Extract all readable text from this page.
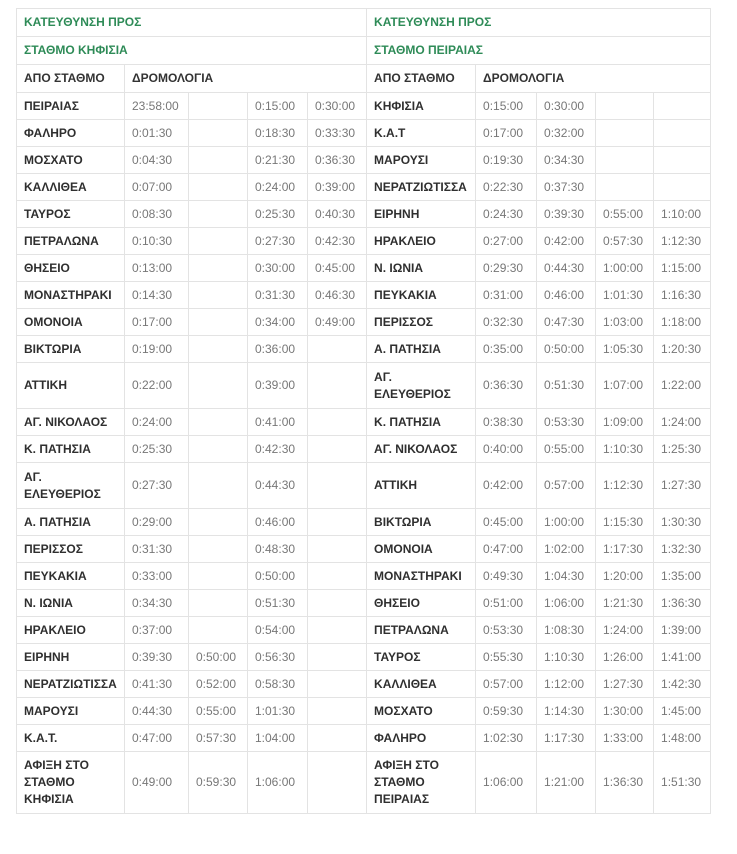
ΚΑΤΕΥΘΥΝΣΗ ΠΡΟΣ					ΚΑΤΕΥΘΥΝΣΗ ΠΡΟΣ				
ΣΤΑΘΜΟ ΚΗΦΙΣΙΑ					ΣΤΑΘΜΟ ΠΕΙΡΑΙΑΣ				
ΑΠΟ ΣΤΑΘΜΟ	ΔΡΟΜΟΛΟΓΙΑ				ΑΠΟ ΣΤΑΘΜΟ	ΔΡΟΜΟΛΟΓΙΑ			
ΠΕΙΡΑΙΑΣ	23:58:00		0:15:00	0:30:00	ΚΗΦΙΣΙΑ	0:15:00	0:30:00		
ΦΑΛΗΡΟ	0:01:30		0:18:30	0:33:30	Κ.Α.Τ	0:17:00	0:32:00		
ΜΟΣΧΑΤΟ	0:04:30		0:21:30	0:36:30	ΜΑΡΟΥΣΙ	0:19:30	0:34:30		
ΚΑΛΛΙΘΕΑ	0:07:00		0:24:00	0:39:00	ΝΕΡΑΤΖΙΩΤΙΣΣΑ	0:22:30	0:37:30		
ΤΑΥΡΟΣ	0:08:30		0:25:30	0:40:30	ΕΙΡΗΝΗ	0:24:30	0:39:30	0:55:00	1:10:00
ΠΕΤΡΑΛΩΝΑ	0:10:30		0:27:30	0:42:30	ΗΡΑΚΛΕΙΟ	0:27:00	0:42:00	0:57:30	1:12:30
ΘΗΣΕΙΟ	0:13:00		0:30:00	0:45:00	Ν. ΙΩΝΙΑ	0:29:30	0:44:30	1:00:00	1:15:00
ΜΟΝΑΣΤΗΡΑΚΙ	0:14:30		0:31:30	0:46:30	ΠΕΥΚΑΚΙΑ	0:31:00	0:46:00	1:01:30	1:16:30
ΟΜΟΝΟΙΑ	0:17:00		0:34:00	0:49:00	ΠΕΡΙΣΣΟΣ	0:32:30	0:47:30	1:03:00	1:18:00
ΒΙΚΤΩΡΙΑ	0:19:00		0:36:00		Α. ΠΑΤΗΣΙΑ	0:35:00	0:50:00	1:05:30	1:20:30
ΑΤΤΙΚΗ	0:22:00		0:39:00		ΑΓ. ΕΛΕΥΘΕΡΙΟΣ	0:36:30	0:51:30	1:07:00	1:22:00
ΑΓ. ΝΙΚΟΛΑΟΣ	0:24:00		0:41:00		Κ. ΠΑΤΗΣΙΑ	0:38:30	0:53:30	1:09:00	1:24:00
Κ. ΠΑΤΗΣΙΑ	0:25:30		0:42:30		ΑΓ. ΝΙΚΟΛΑΟΣ	0:40:00	0:55:00	1:10:30	1:25:30
ΑΓ. ΕΛΕΥΘΕΡΙΟΣ	0:27:30		0:44:30		ΑΤΤΙΚΗ	0:42:00	0:57:00	1:12:30	1:27:30
Α. ΠΑΤΗΣΙΑ	0:29:00		0:46:00		ΒΙΚΤΩΡΙΑ	0:45:00	1:00:00	1:15:30	1:30:30
ΠΕΡΙΣΣΟΣ	0:31:30		0:48:30		ΟΜΟΝΟΙΑ	0:47:00	1:02:00	1:17:30	1:32:30
ΠΕΥΚΑΚΙΑ	0:33:00		0:50:00		ΜΟΝΑΣΤΗΡΑΚΙ	0:49:30	1:04:30	1:20:00	1:35:00
Ν. ΙΩΝΙΑ	0:34:30		0:51:30		ΘΗΣΕΙΟ	0:51:00	1:06:00	1:21:30	1:36:30
ΗΡΑΚΛΕΙΟ	0:37:00		0:54:00		ΠΕΤΡΑΛΩΝΑ	0:53:30	1:08:30	1:24:00	1:39:00
ΕΙΡΗΝΗ	0:39:30	0:50:00	0:56:30		ΤΑΥΡΟΣ	0:55:30	1:10:30	1:26:00	1:41:00
ΝΕΡΑΤΖΙΩΤΙΣΣΑ	0:41:30	0:52:00	0:58:30		ΚΑΛΛΙΘΕΑ	0:57:00	1:12:00	1:27:30	1:42:30
ΜΑΡΟΥΣΙ	0:44:30	0:55:00	1:01:30		ΜΟΣΧΑΤΟ	0:59:30	1:14:30	1:30:00	1:45:00
Κ.Α.Τ.	0:47:00	0:57:30	1:04:00		ΦΑΛΗΡΟ	1:02:30	1:17:30	1:33:00	1:48:00
ΑΦΙΞΗ ΣΤΟ ΣΤΑΘΜΟ ΚΗΦΙΣΙΑ	0:49:00	0:59:30	1:06:00		ΑΦΙΞΗ ΣΤΟ ΣΤΑΘΜΟ ΠΕΙΡΑΙΑΣ	1:06:00	1:21:00	1:36:30	1:51:30
